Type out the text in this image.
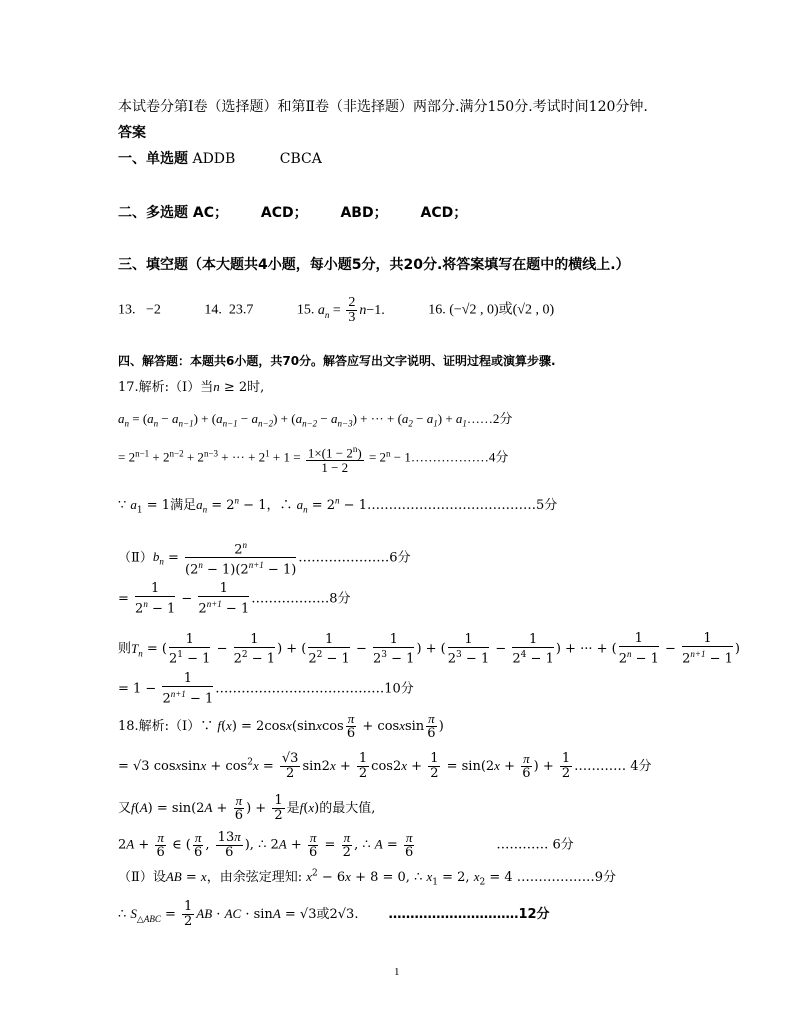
本试卷分第Ⅰ卷（选择题）和第Ⅱ卷（非选择题）两部分.满分150分.考试时间120分钟.
答案
一、单选题 ADDB	CBCA
二、多选题 AC； ACD； ABD； ACD；
三、填空题（本大题共4小题，每小题5分，共20分.将答案填写在题中的横线上.）
13. −2	14. 23.7	15. $a_n = \frac{2}{3} n-1$.	16. (−√2 , 0)或(√2 , 0)
四、解答题：本题共6小题，共70分。解答应写出文字说明、证明过程或演算步骤.
17.解析:（Ⅰ）当n ≥ 2时,
$a_n = (a_n - a_{n-1}) + (a_{n-1} - a_{n-2}) + (a_{n-2} - a_{n-3})$ + ··· + $(a_2 - a_1)$ + $a_1\dots\dots 2$分
= $2^{n-1} + 2^{n-2} + 2^{n-3}$ + ··· + $2^1 + 1 = \frac{1\times(1 - 2^n)}{1 - 2} = 2^n$ − 1………………4分
∵ $a_1 = 1$满足$a_n = 2^n - 1$，∴ $a_n = 2^n$ − 1…………………………………5分
$(Ⅱ)b_n = \frac{2^n}{(2^n - 1)(2^{n+1} - 1)}$ …………………6分
= $\frac{1}{2^n - 1} - \frac{1}{2^{n+1} - 1}$ ………………8分
则$T_n$ = ( $\frac{1}{2^1 - 1} - \frac{1}{2^2 - 1}$ ) + ( $\frac{1}{2^2 - 1} - \frac{1}{2^3 - 1}$ ) + ( $\frac{1}{2^3 - 1} - \frac{1}{2^4 - 1}$ ) + ··· + ( $\frac{1}{2^n - 1} - \frac{1}{2^{n+1} - 1}$ )
= $1 - \frac{1}{2^{n+1} - 1}$ …………………………………10分
18.解析:（Ⅰ）∵ f(x) = 2cosx(sinxcos $\frac{\pi}{6}$ + cosxsin $\frac{\pi}{6}$ )
= √3 cosxsinx + $\cos^2x = \frac{√3}{2} \sin 2x + \frac{1}{2} \cos 2x + \frac{1}{2} = \sin(2x + \frac{\pi}{6}$ ) + $\frac{1}{2}$ ………… 4分
又$f(A) = \sin(2A + \frac{\pi}{6}$ ) + $\frac{1}{2}$ 是f(x)的最大值,
$2A + \frac{\pi}{6}$ ∈ ( $\frac{\pi}{6}$ , $\frac{13\pi}{6}$ ), ∴ $2A + \frac{\pi}{6} = \frac{\pi}{2}$ , ∴ $A = \frac{\pi}{6}$	………… 6分
（Ⅱ）设AB = x，由余弦定理知: $x^2 - 6x + 8 = 0$, ∴ $x_1 = 2$, $x_2 = 4$ ………………9分
∴ $S_{\triangle ABC} = \frac{1}{2}$ AB · AC · sinA = √3或2√3. …………………………12分
1
